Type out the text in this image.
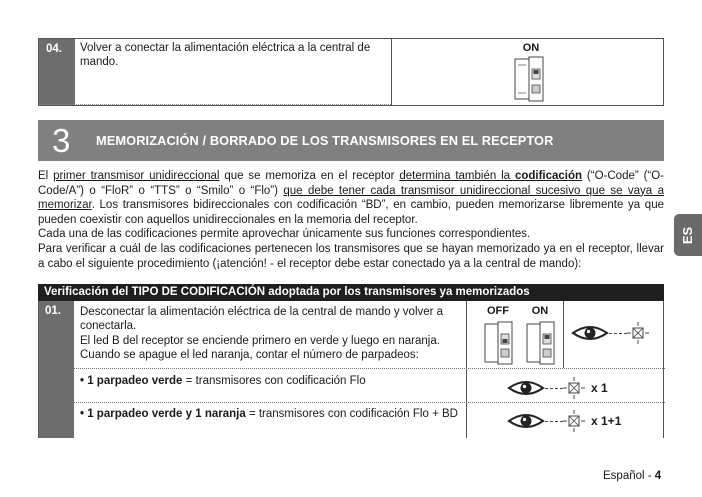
04.	Volver a conectar la alimentación eléctrica a la central de mando.
ON
3 MEMORIZACIÓN / BORRADO DE LOS TRANSMISORES EN EL RECEPTOR
El primer transmisor unidireccional que se memoriza en el receptor determina también la codificación (“O-Code” (“O-Code/A”) o “FloR” o “TTS” o “Smilo” o “Flo”) que debe tener cada transmisor unidireccional sucesivo que se vaya a memorizar. Los transmisores bidireccionales con codificación “BD”, en cambio, pueden memorizarse libremente ya que pueden coexistir con aquellos unidireccionales en la memoria del receptor.
Cada una de las codificaciones permite aprovechar únicamente sus funciones correspondientes.
Para verificar a cuál de las codificaciones pertenecen los transmisores que se hayan memorizado ya en el receptor, llevar a cabo el siguiente procedimiento (¡atención! - el receptor debe estar conectado ya a la central de mando):
ES
Verificación del TIPO DE CODIFICACIÓN adoptada por los transmisores ya memorizados
01.	Desconectar la alimentación eléctrica de la central de mando y volver a conectarla.
El led B del receptor se enciende primero en verde y luego en naranja.
Cuando se apague el led naranja, contar el número de parpadeos:
OFF	ON
• 1 parpadeo verde = transmisores con codificación Flo	x 1
• 1 parpadeo verde y 1 naranja = transmisores con codificación Flo + BD	x 1+1
Español - 4
